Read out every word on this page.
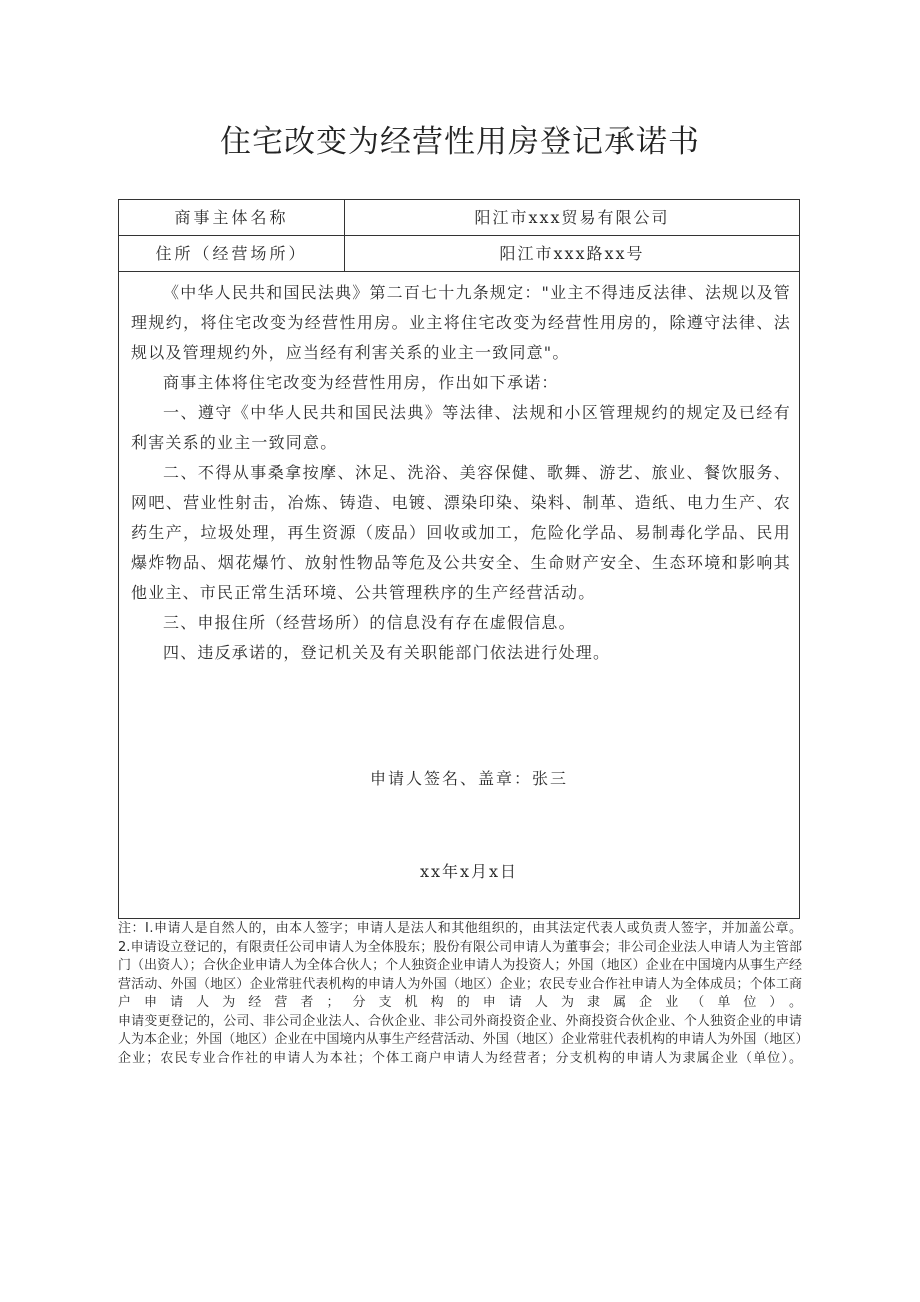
住宅改变为经营性用房登记承诺书
商事主体名称	阳江市xxx贸易有限公司
住所（经营场所）	阳江市xxx路xx号

《中华人民共和国民法典》第二百七十九条规定："业主不得违反法律、法规以及管理规约，将住宅改变为经营性用房。业主将住宅改变为经营性用房的，除遵守法律、法规以及管理规约外，应当经有利害关系的业主一致同意"。

商事主体将住宅改变为经营性用房，作出如下承诺：

一、遵守《中华人民共和国民法典》等法律、法规和小区管理规约的规定及已经有利害关系的业主一致同意。

二、不得从事桑拿按摩、沐足、洗浴、美容保健、歌舞、游艺、旅业、餐饮服务、网吧、营业性射击，冶炼、铸造、电镀、漂染印染、染料、制革、造纸、电力生产、农药生产，垃圾处理，再生资源（废品）回收或加工，危险化学品、易制毒化学品、民用爆炸物品、烟花爆竹、放射性物品等危及公共安全、生命财产安全、生态环境和影响其他业主、市民正常生活环境、公共管理秩序的生产经营活动。

三、申报住所（经营场所）的信息没有存在虚假信息。

四、违反承诺的，登记机关及有关职能部门依法进行处理。

申请人签名、盖章：张三
xx年x月x日

注：Ⅰ.申请人是自然人的，由本人签字；申请人是法人和其他组织的，由其法定代表人或负责人签字，并加盖公章。

2.申请设立登记的，有限责任公司申请人为全体股东；股份有限公司申请人为董事会；非公司企业法人申请人为主管部门（出资人）；合伙企业申请人为全体合伙人；个人独资企业申请人为投资人；外国（地区）企业在中国境内从事生产经营活动、外国（地区）企业常驻代表机构的申请人为外国（地区）企业；农民专业合作社申请人为全体成员；个体工商户申请人为经营者；分支机构的申请人为隶属企业（单位）。

申请变更登记的，公司、非公司企业法人、合伙企业、非公司外商投资企业、外商投资合伙企业、个人独资企业的申请人为本企业；外国（地区）企业在中国境内从事生产经营活动、外国（地区）企业常驻代表机构的申请人为外国（地区）企业；农民专业合作社的申请人为本社；个体工商户申请人为经营者；分支机构的申请人为隶属企业（单位）。
